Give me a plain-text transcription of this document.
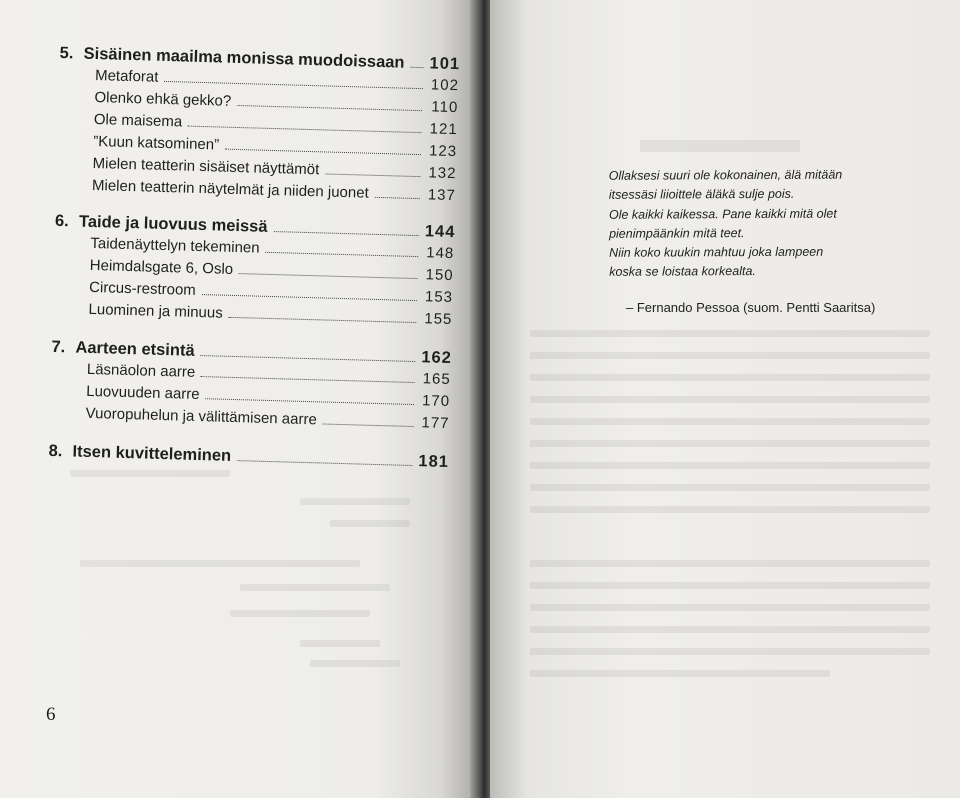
5. Sisäinen maailma monissa muodoissaan 101
Metaforat	102
Olenko ehkä gekko?	110
Ole maisema	121
”Kuun katsominen”	123
Mielen teatterin sisäiset näyttämöt	132
Mielen teatterin näytelmät ja niiden juonet	137
6. Taide ja luovuus meissä	144
Taidenäyttelyn tekeminen	148
Heimdalsgate 6, Oslo	150
Circus-restroom	153
Luominen ja minuus	155
7. Aarteen etsintä	162
Läsnäolon aarre	165
Luovuuden aarre	170
Vuoropuhelun ja välittämisen aarre	177
8. Itsen kuvitteleminen	181
6
Ollaksesi suuri ole kokonainen, älä mitään
itsessäsi liioittele äläkä sulje pois.
Ole kaikki kaikessa. Pane kaikki mitä olet
pienimpäänkin mitä teet.
Niin koko kuukin mahtuu joka lampeen
koska se loistaa korkealta.
– Fernando Pessoa (suom. Pentti Saaritsa)
